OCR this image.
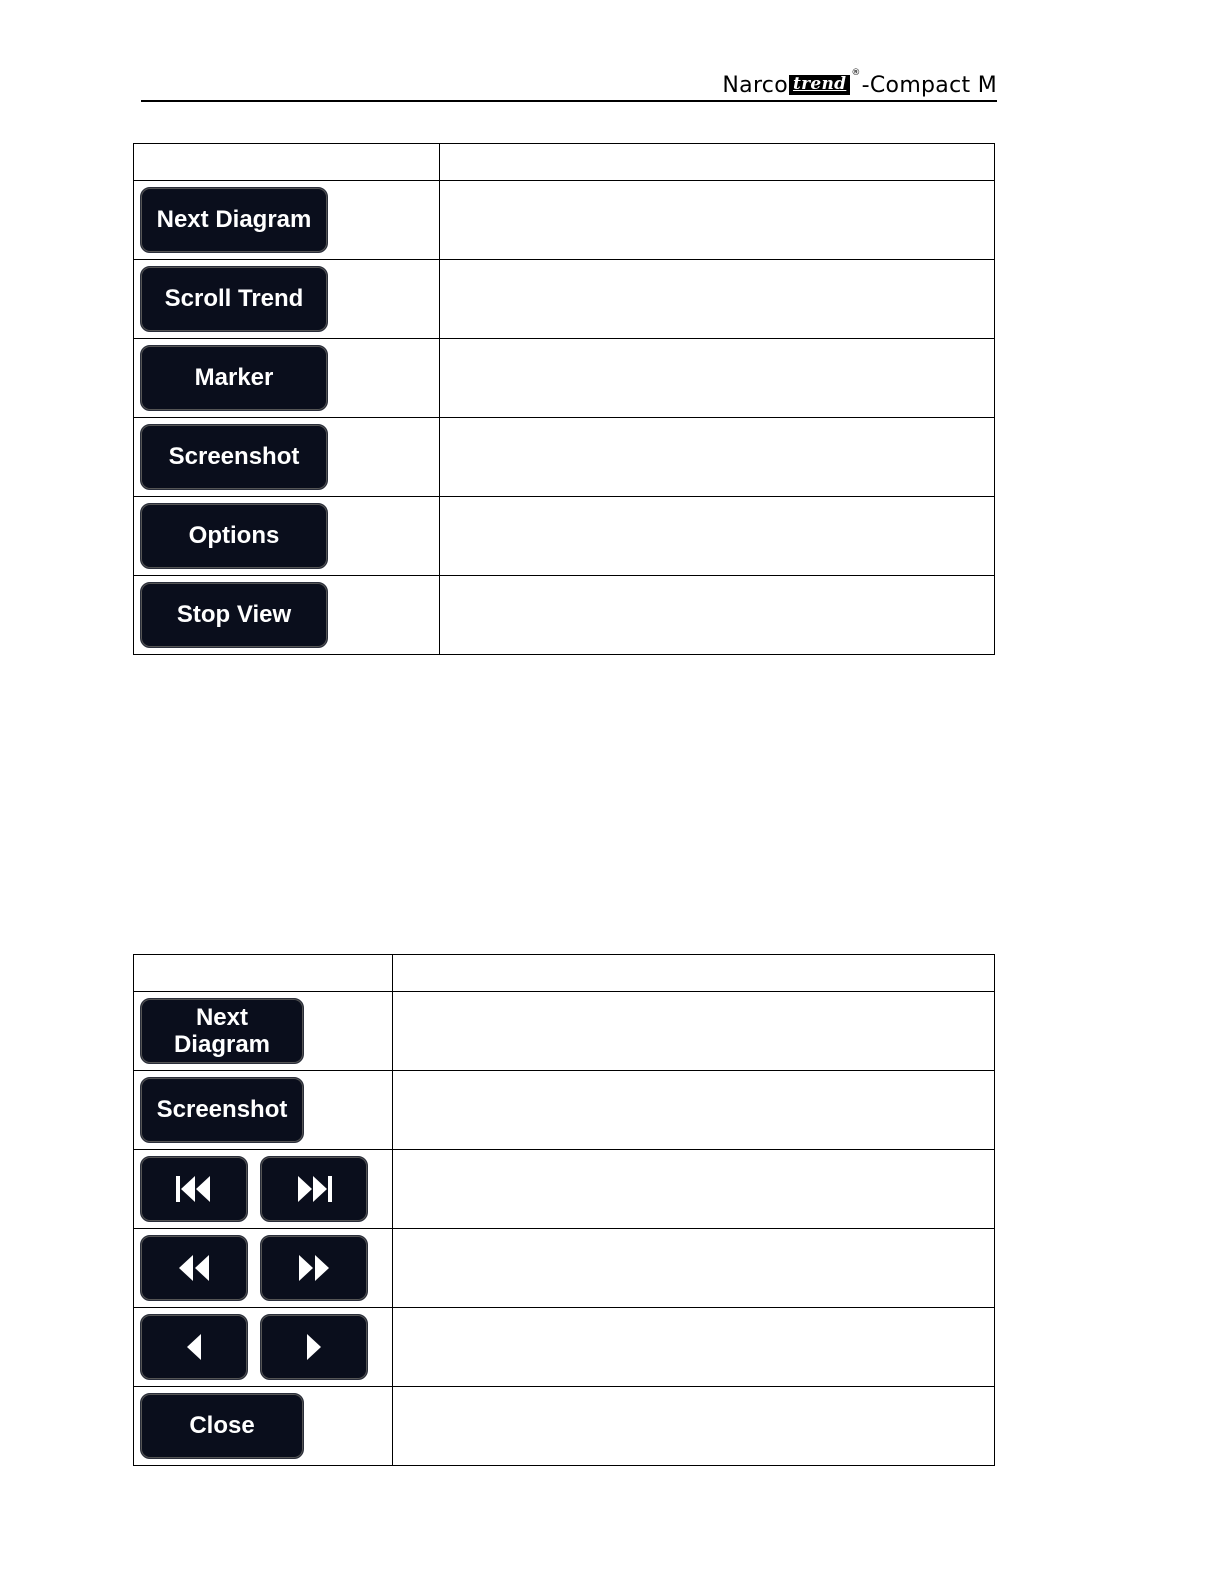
Narco trend
® -Compact M

Next Diagram	

Scroll Trend	

Marker	

Screenshot	

Options	

Stop View	

Next
Diagram	

Screenshot	

Close	
